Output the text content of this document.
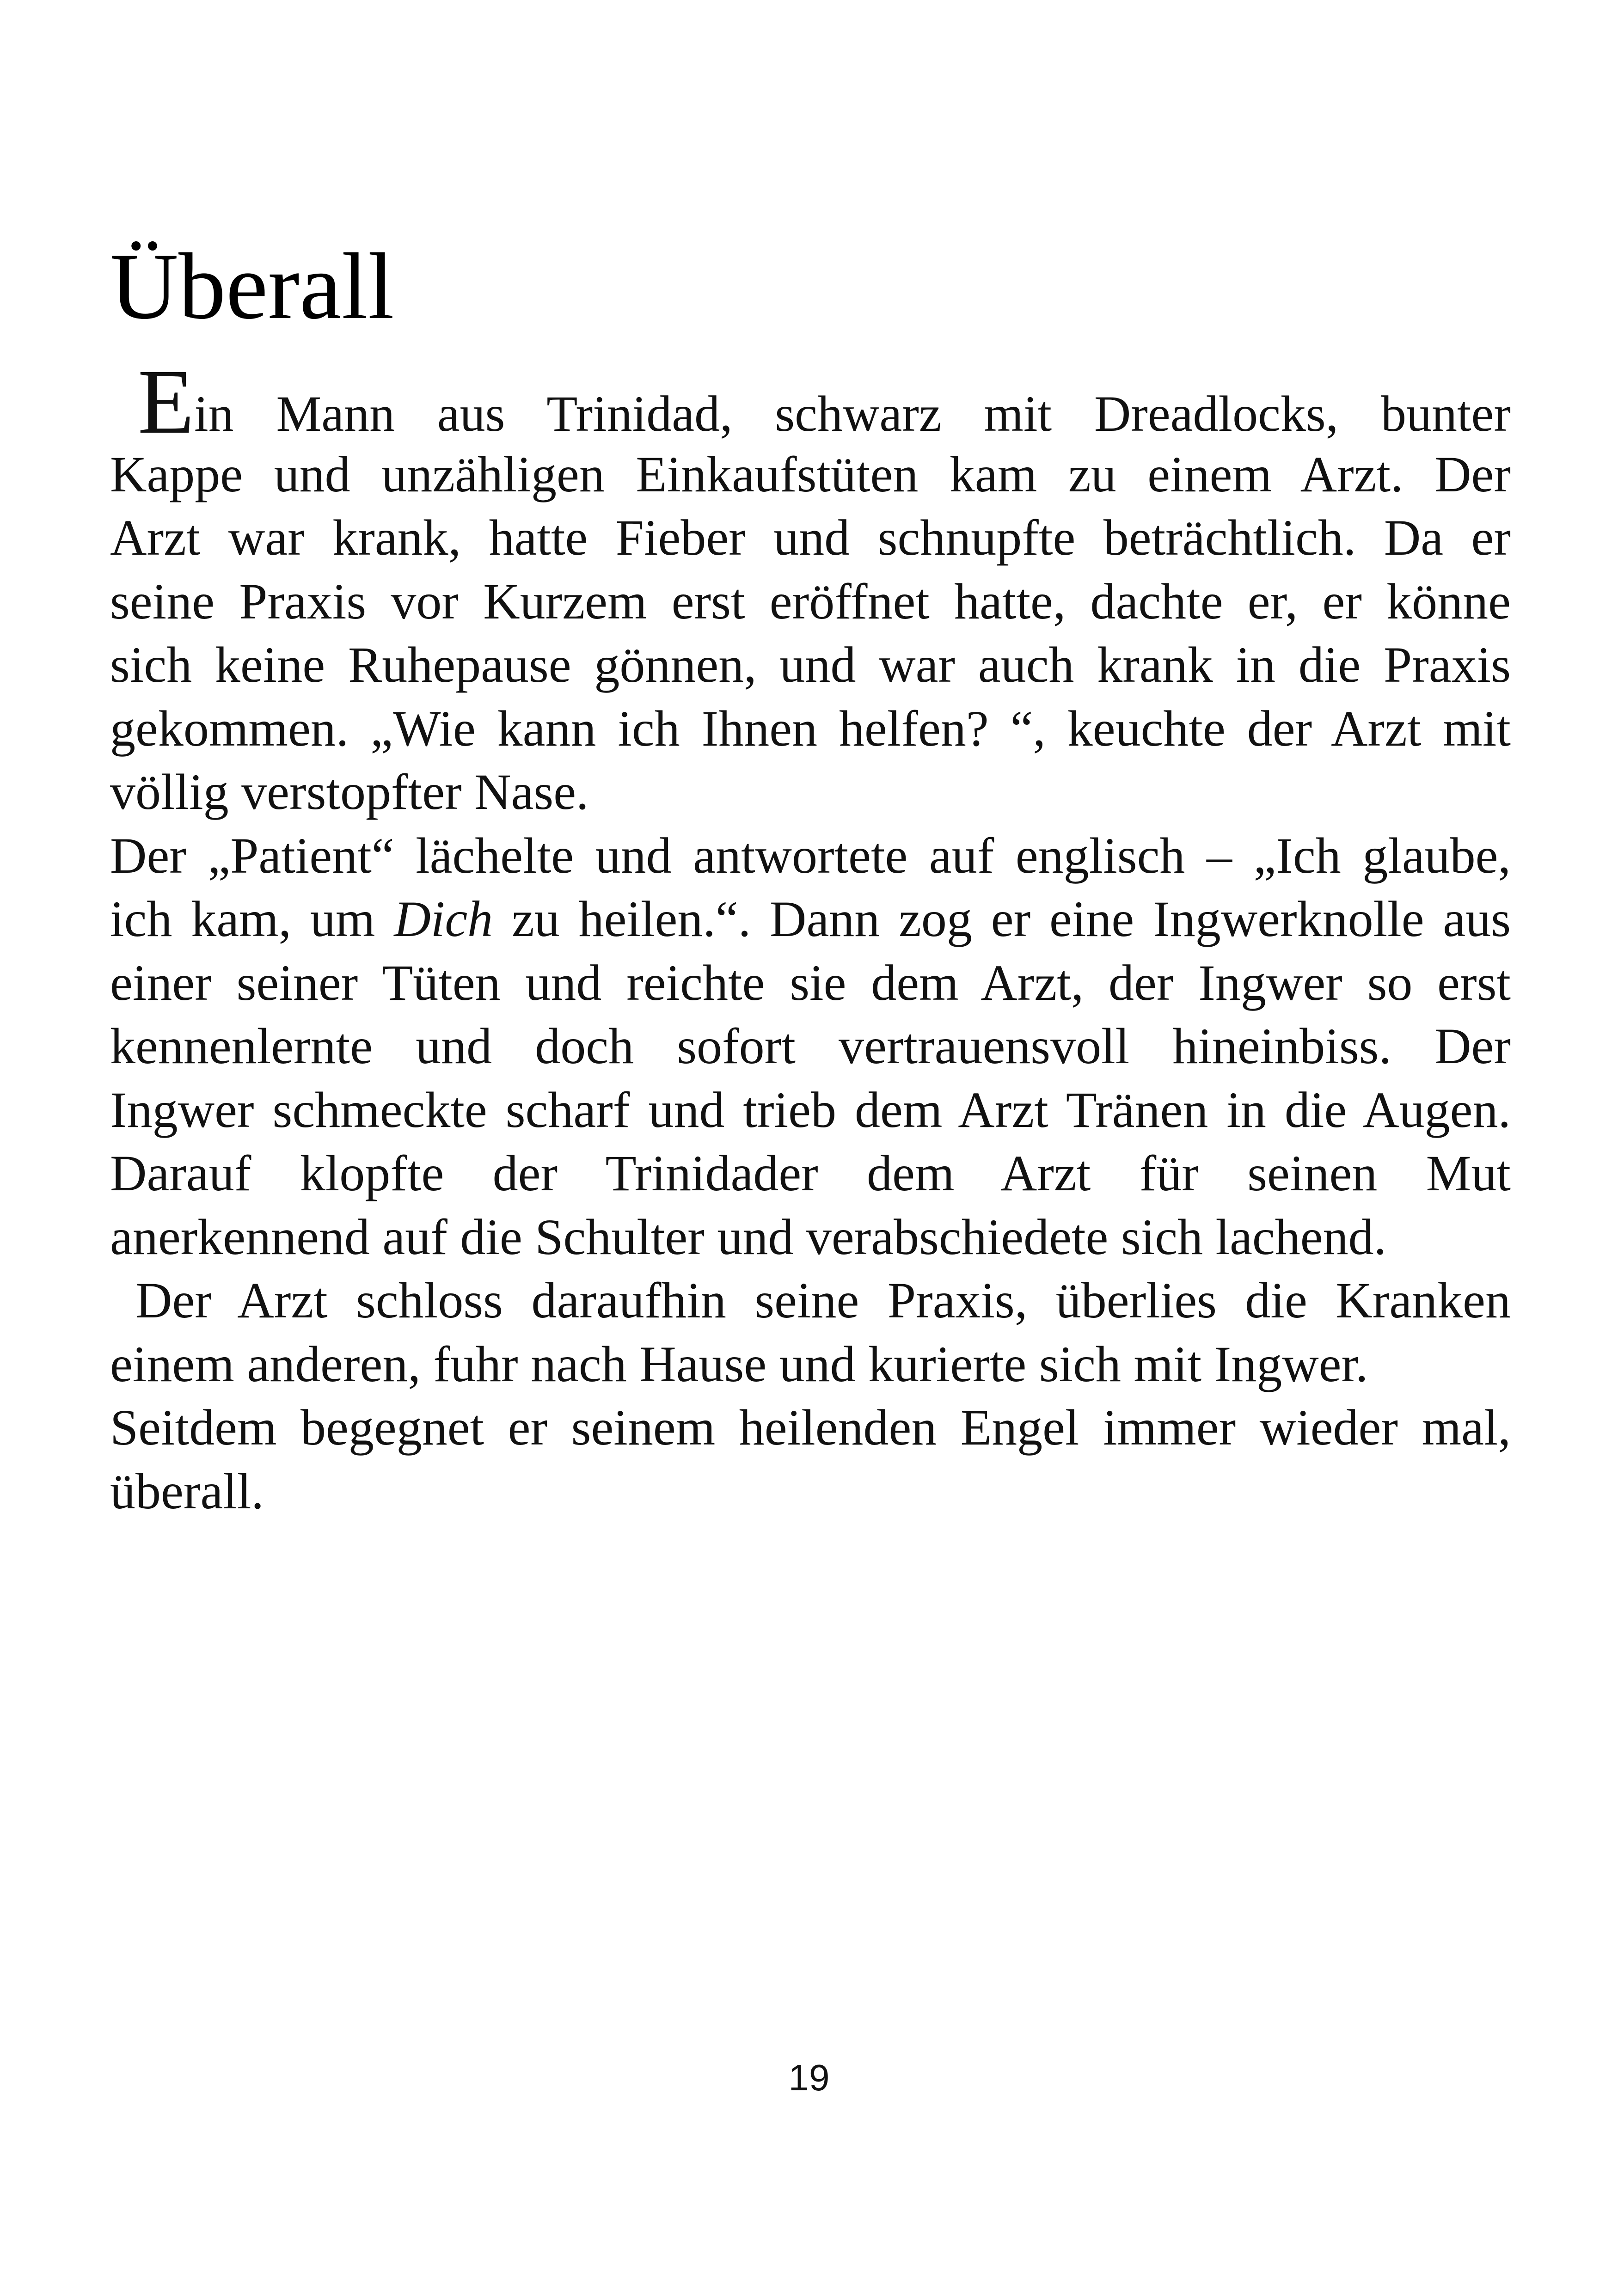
Überall
Ein Mann aus Trinidad, schwarz mit Dreadlocks, bunter
Kappe und unzähligen Einkaufstüten kam zu einem Arzt. Der
Arzt war krank, hatte Fieber und schnupfte beträchtlich. Da er
seine Praxis vor Kurzem erst eröffnet hatte, dachte er, er könne
sich keine Ruhepause gönnen, und war auch krank in die Praxis
gekommen. „Wie kann ich Ihnen helfen? “, keuchte der Arzt mit
völlig verstopfter Nase.
Der „Patient“ lächelte und antwortete auf englisch – „Ich glaube,
ich kam, um Dich zu heilen.“. Dann zog er eine Ingwerknolle aus
einer seiner Tüten und reichte sie dem Arzt, der Ingwer so erst
kennenlernte und doch sofort vertrauensvoll hineinbiss. Der
Ingwer schmeckte scharf und trieb dem Arzt Tränen in die Augen.
Darauf klopfte der Trinidader dem Arzt für seinen Mut
anerkennend auf die Schulter und verabschiedete sich lachend.
Der Arzt schloss daraufhin seine Praxis, überlies die Kranken
einem anderen, fuhr nach Hause und kurierte sich mit Ingwer.
Seitdem begegnet er seinem heilenden Engel immer wieder mal,
überall.
19
